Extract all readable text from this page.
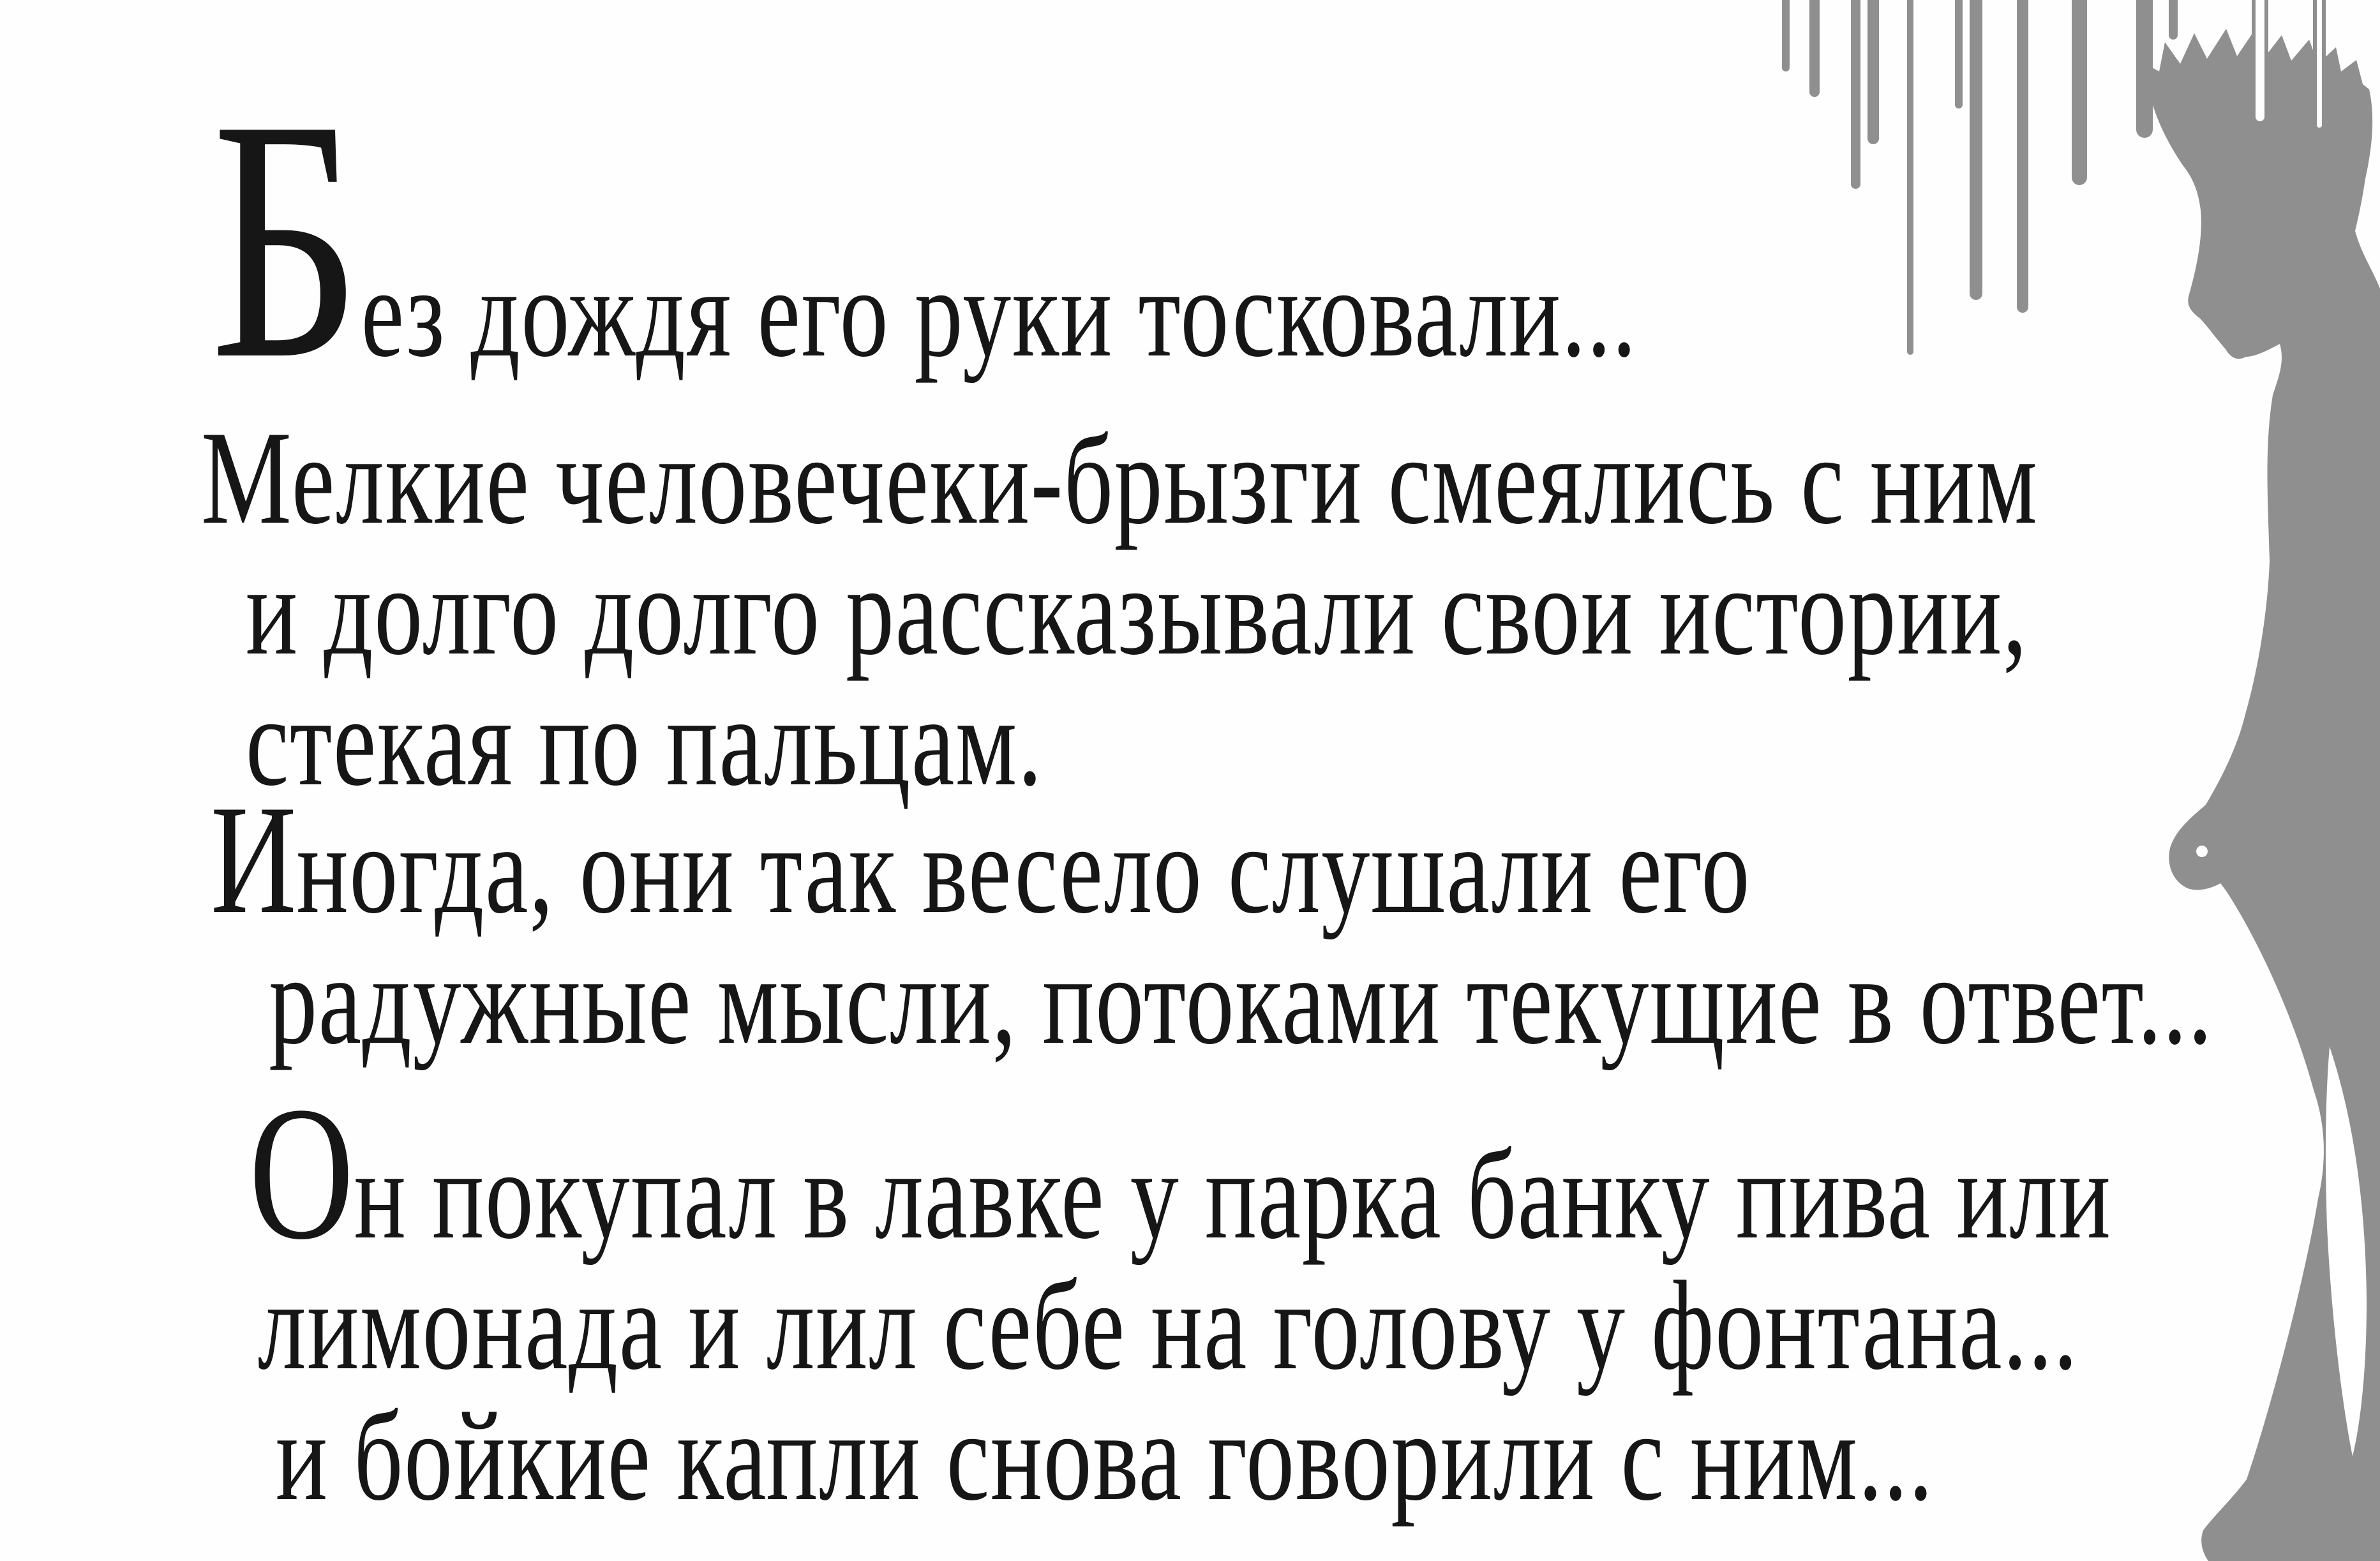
Без дождя его руки тосковали...
Мелкие человечеки-брызги смеялись с ним
и долго долго рассказывали свои истории,
стекая по пальцам.
Иногда, они так весело слушали его
радужные мысли, потоками текущие в ответ...
Он покупал в лавке у парка банку пива или
лимонада и лил себе на голову у фонтана...
и бойкие капли снова говорили с ним...
